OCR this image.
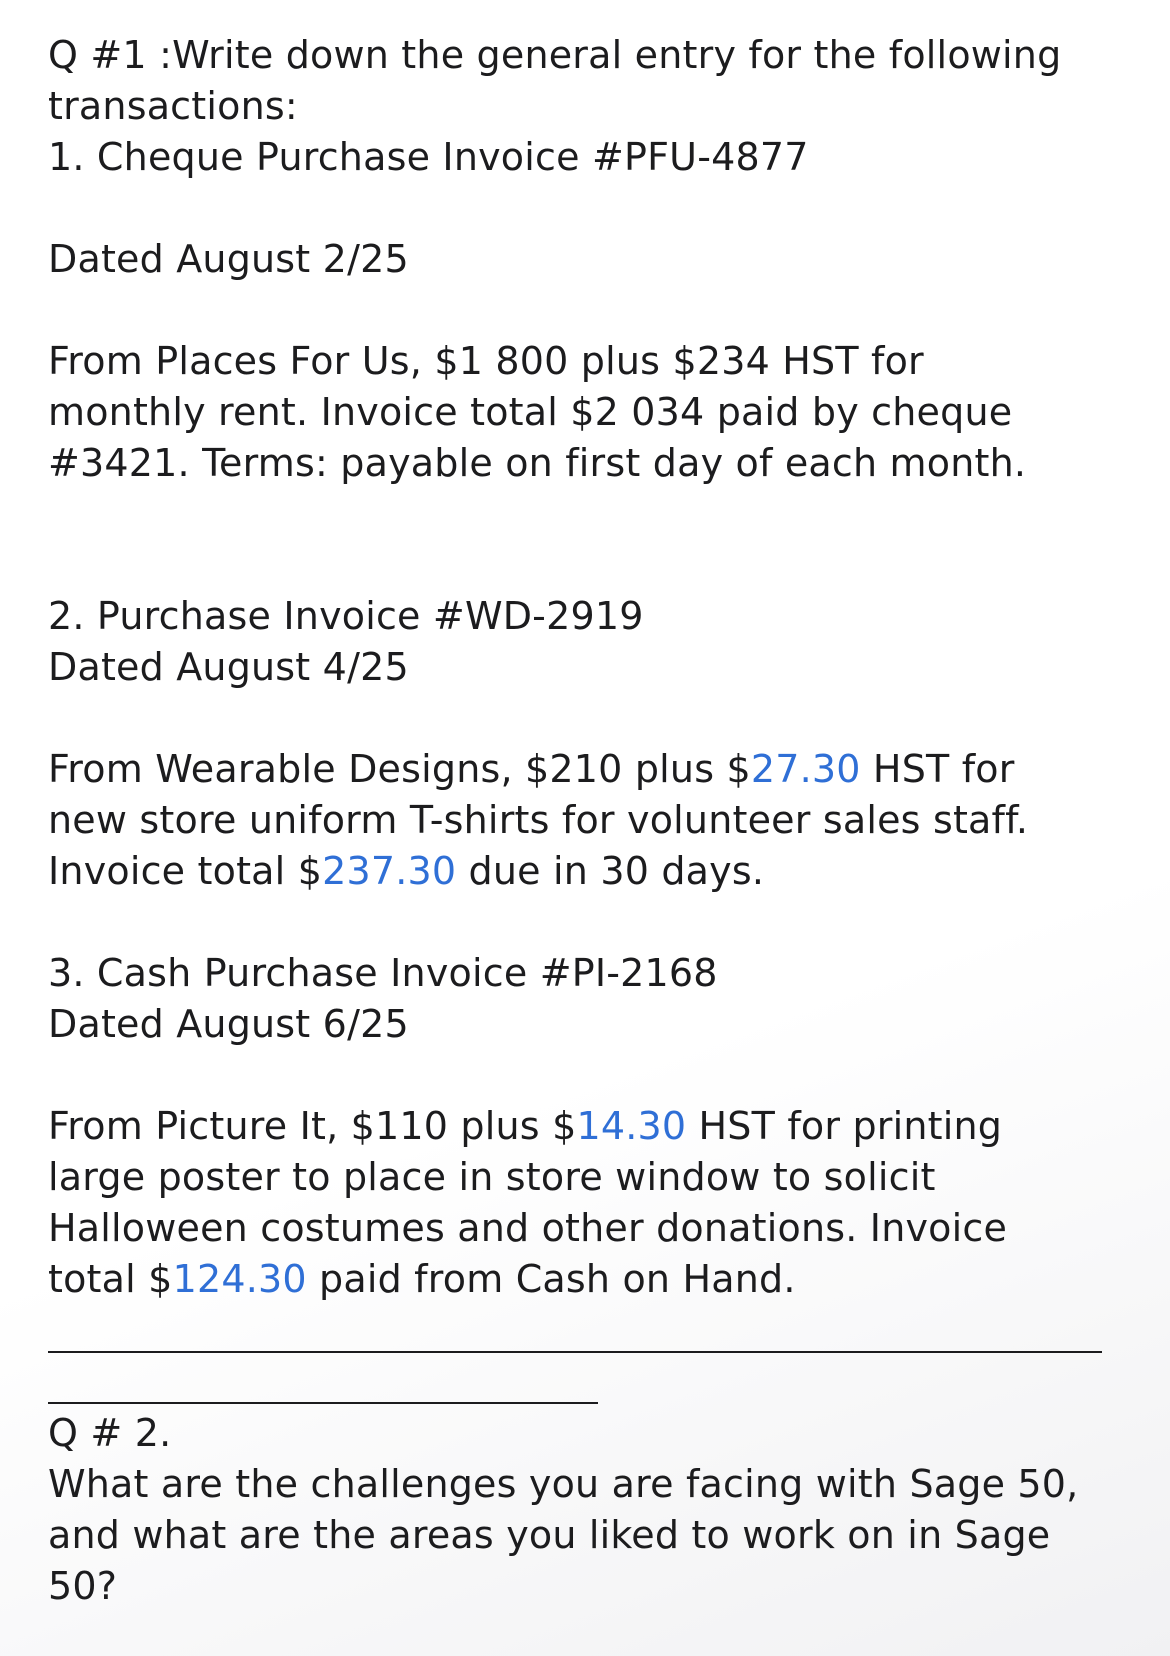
Q #1 :Write down the general entry for the following
transactions:
1. Cheque Purchase Invoice #PFU-4877
Dated August 2/25
From Places For Us, $1 800 plus $234 HST for
monthly rent. Invoice total $2 034 paid by cheque
#3421. Terms: payable on first day of each month.
2. Purchase Invoice #WD-2919
Dated August 4/25
From Wearable Designs, $210 plus $27.30 HST for
new store uniform T-shirts for volunteer sales staff.
Invoice total $237.30 due in 30 days.
3. Cash Purchase Invoice #PI-2168
Dated August 6/25
From Picture It, $110 plus $14.30 HST for printing
large poster to place in store window to solicit
Halloween costumes and other donations. Invoice
total $124.30 paid from Cash on Hand.
Q # 2.
What are the challenges you are facing with Sage 50,
and what are the areas you liked to work on in Sage
50?
